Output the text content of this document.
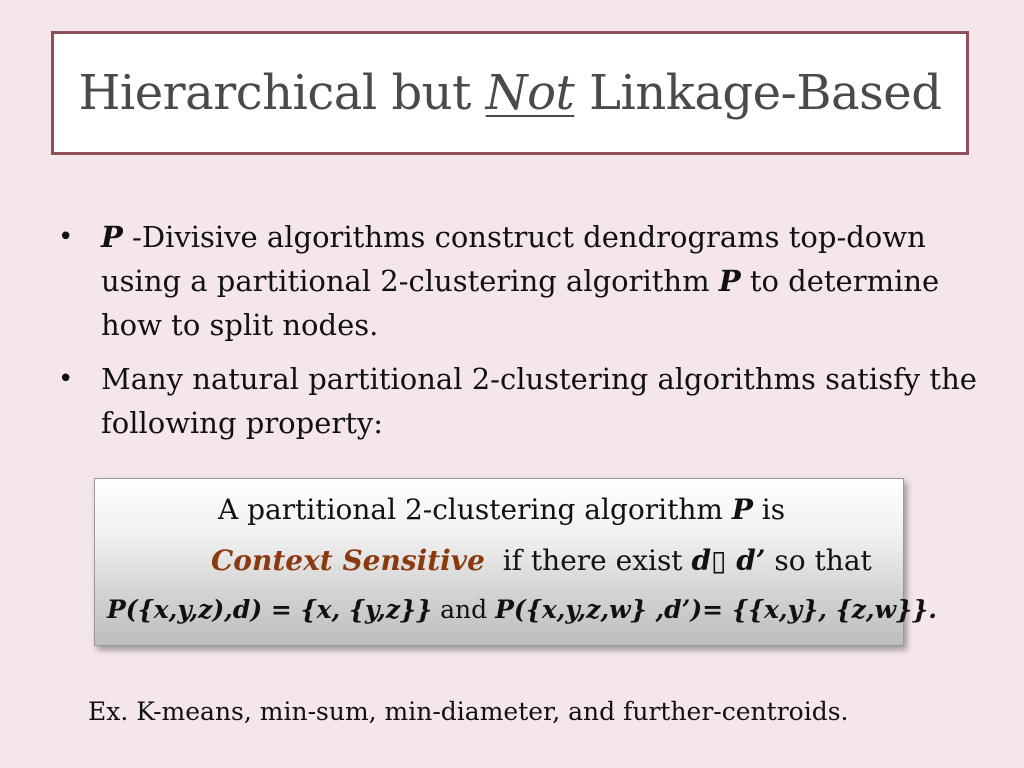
Hierarchical but Not Linkage-Based
• P -Divisive algorithms construct dendrograms top-down using a partitional 2-clustering algorithm P to determine how to split nodes.
• Many natural partitional 2-clustering algorithms satisfy the following property:
A partitional 2-clustering algorithm P is
Context Sensitive  if there exist d▯ d’ so that
P({x,y,z),d) = {x, {y,z}} and P({x,y,z,w} ,d’)= {{x,y}, {z,w}}.
Ex. K-means, min-sum, min-diameter, and further-centroids.
